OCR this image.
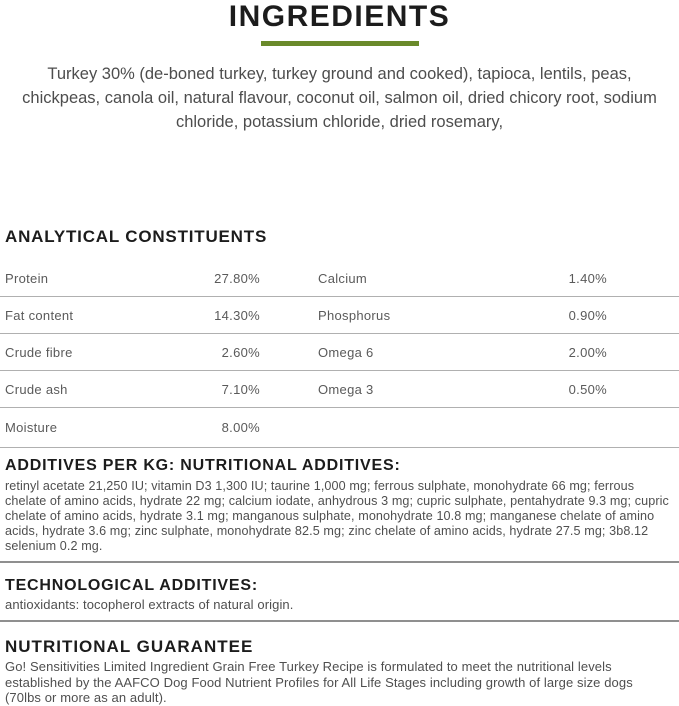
INGREDIENTS

Turkey 30% (de-boned turkey, turkey ground and cooked), tapioca, lentils, peas, chickpeas, canola oil, natural flavour, coconut oil, salmon oil, dried chicory root, sodium chloride, potassium chloride, dried rosemary,

ANALYTICAL CONSTITUENTS
Protein	27.80%	Calcium	1.40%
Fat content	14.30%	Phosphorus	0.90%
Crude fibre	2.60%	Omega 6	2.00%
Crude ash	7.10%	Omega 3	0.50%
Moisture	8.00%
ADDITIVES PER KG: NUTRITIONAL ADDITIVES:

retinyl acetate 21,250 IU; vitamin D3 1,300 IU; taurine 1,000 mg; ferrous sulphate, monohydrate 66 mg; ferrous chelate of amino acids, hydrate 22 mg; calcium iodate, anhydrous 3 mg; cupric sulphate, pentahydrate 9.3 mg; cupric chelate of amino acids, hydrate 3.1 mg; manganous sulphate, monohydrate 10.8 mg; manganese chelate of amino acids, hydrate 3.6 mg; zinc sulphate, monohydrate 82.5 mg; zinc chelate of amino acids, hydrate 27.5 mg; 3b8.12 selenium 0.2 mg.

TECHNOLOGICAL ADDITIVES:

antioxidants: tocopherol extracts of natural origin.

NUTRITIONAL GUARANTEE

Go! Sensitivities Limited Ingredient Grain Free Turkey Recipe is formulated to meet the nutritional levels established by the AAFCO Dog Food Nutrient Profiles for All Life Stages including growth of large size dogs (70lbs or more as an adult).
